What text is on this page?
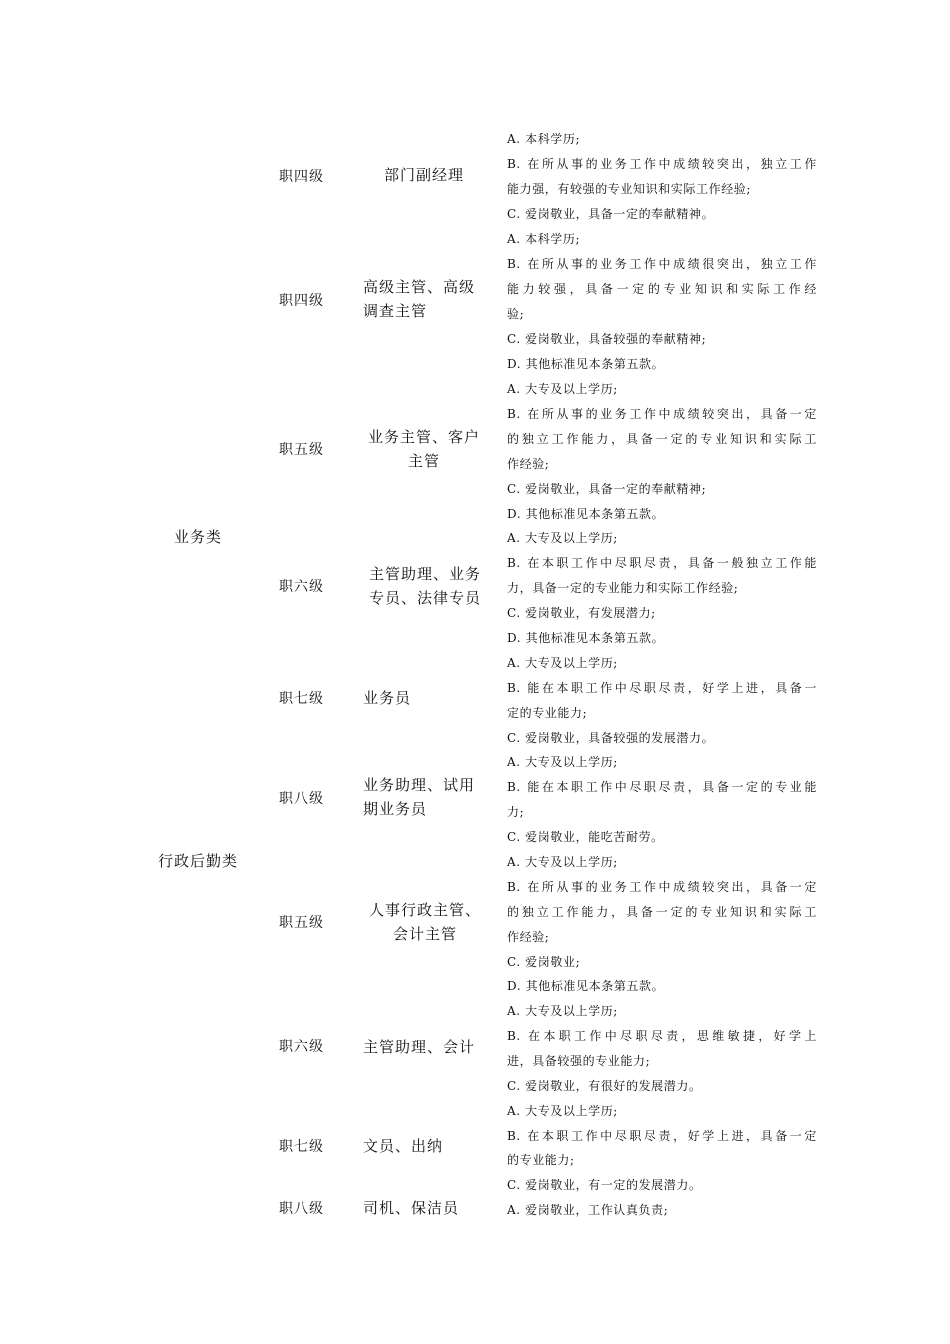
业务类
行政后勤类
职四级
职四级
职五级
职六级
职七级
职八级
职五级
职六级
职七级
职八级
部门副经理
高级主管、高级
调查主管
业务主管、客户
主管
主管助理、业务
专员、法律专员
业务员
业务助理、试用
期业务员
人事行政主管、
会计主管
主管助理、会计
文员、出纳
司机、保洁员
A. 本科学历;
B. 在所从事的业务工作中成绩较突出，独立工作
能力强，有较强的专业知识和实际工作经验;
C. 爱岗敬业，具备一定的奉献精神。
A. 本科学历;
B. 在所从事的业务工作中成绩很突出，独立工作
能力较强，具备一定的专业知识和实际工作经
验;
C. 爱岗敬业，具备较强的奉献精神;
D. 其他标准见本条第五款。
A. 大专及以上学历;
B. 在所从事的业务工作中成绩较突出，具备一定
的独立工作能力，具备一定的专业知识和实际工
作经验;
C. 爱岗敬业，具备一定的奉献精神;
D. 其他标准见本条第五款。
A. 大专及以上学历;
B. 在本职工作中尽职尽责，具备一般独立工作能
力，具备一定的专业能力和实际工作经验;
C. 爱岗敬业，有发展潜力;
D. 其他标准见本条第五款。
A. 大专及以上学历;
B. 能在本职工作中尽职尽责，好学上进，具备一
定的专业能力;
C. 爱岗敬业，具备较强的发展潜力。
A. 大专及以上学历;
B. 能在本职工作中尽职尽责，具备一定的专业能
力;
C. 爱岗敬业，能吃苦耐劳。
A. 大专及以上学历;
B. 在所从事的业务工作中成绩较突出，具备一定
的独立工作能力，具备一定的专业知识和实际工
作经验;
C. 爱岗敬业;
D. 其他标准见本条第五款。
A. 大专及以上学历;
B. 在本职工作中尽职尽责，思维敏捷，好学上
进，具备较强的专业能力;
C. 爱岗敬业，有很好的发展潜力。
A. 大专及以上学历;
B. 在本职工作中尽职尽责，好学上进，具备一定
的专业能力;
C. 爱岗敬业，有一定的发展潜力。
A. 爱岗敬业，工作认真负责;
